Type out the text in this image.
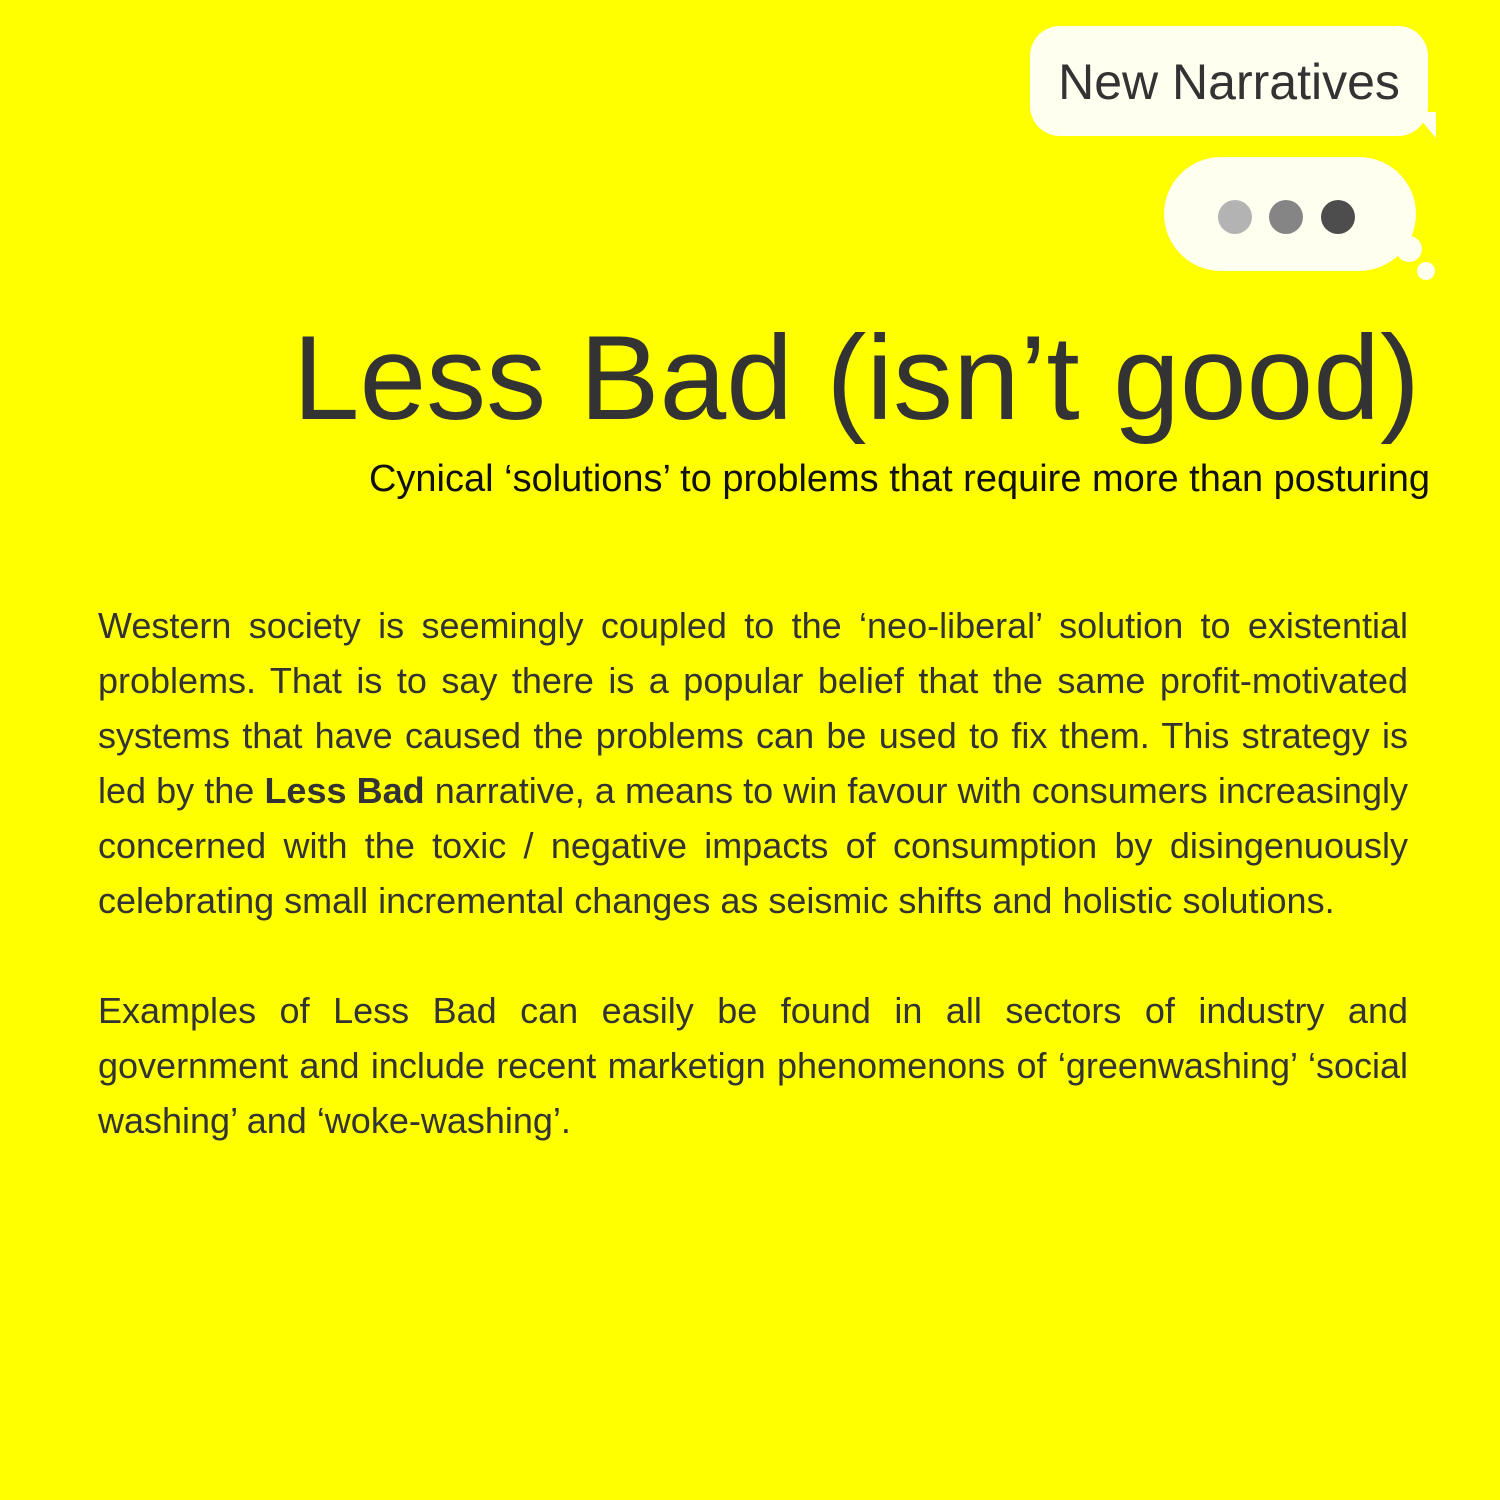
New Narratives
Less Bad (isn’t good)
Cynical ‘solutions’ to problems that require more than posturing

Western society is seemingly coupled to the ‘neo-liberal’ solution to existential problems. That is to say there is a popular belief that the same profit-motivated systems that have caused the problems can be used to fix them. This strategy is led by the Less Bad narrative, a means to win favour with consumers increasingly concerned with the toxic / negative impacts of consumption by disingenuously celebrating small incremental changes as seismic shifts and holistic solutions.

Examples of Less Bad can easily be found in all sectors of industry and government and include recent marketign phenomenons of ‘greenwashing’ ‘social washing’ and ‘woke-washing’.
